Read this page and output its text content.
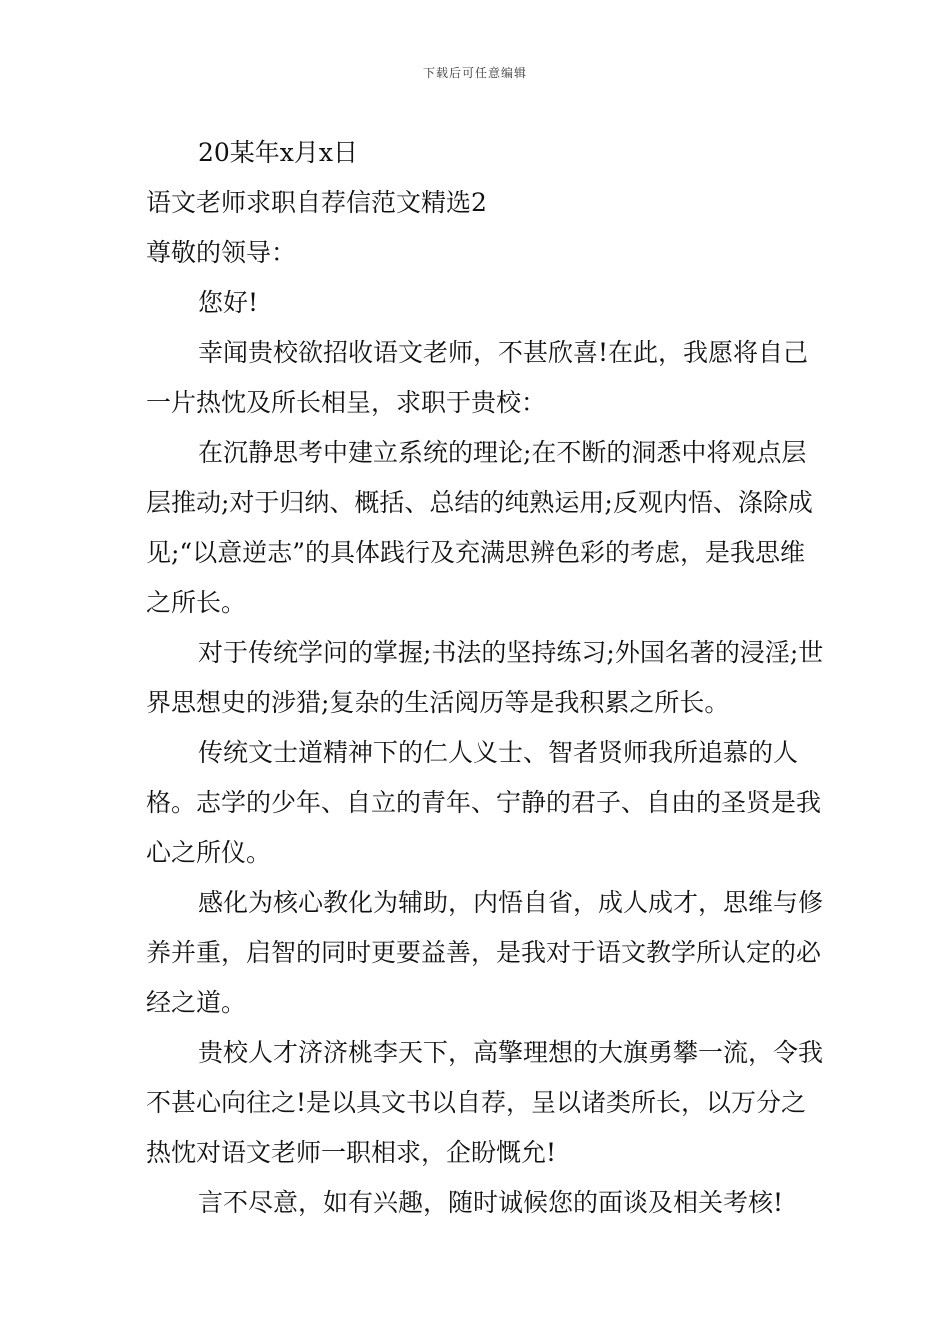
下载后可任意编辑

20某年x月x日

语文老师求职自荐信范文精选2

尊敬的领导：

您好!

幸闻贵校欲招收语文老师，不甚欣喜!在此，我愿将自己一片热忱及所长相呈，求职于贵校：

在沉静思考中建立系统的理论;在不断的洞悉中将观点层层推动;对于归纳、概括、总结的纯熟运用;反观内悟、涤除成见;“以意逆志”的具体践行及充满思辨色彩的考虑，是我思维之所长。

对于传统学问的掌握;书法的坚持练习;外国名著的浸淫;世界思想史的涉猎;复杂的生活阅历等是我积累之所长。

传统文士道精神下的仁人义士、智者贤师我所追慕的人格。志学的少年、自立的青年、宁静的君子、自由的圣贤是我心之所仪。

感化为核心教化为辅助，内悟自省，成人成才，思维与修养并重，启智的同时更要益善，是我对于语文教学所认定的必经之道。

贵校人才济济桃李天下，高擎理想的大旗勇攀一流，令我不甚心向往之!是以具文书以自荐，呈以诸类所长，以万分之热忱对语文老师一职相求，企盼慨允!

言不尽意，如有兴趣，随时诚候您的面谈及相关考核!
